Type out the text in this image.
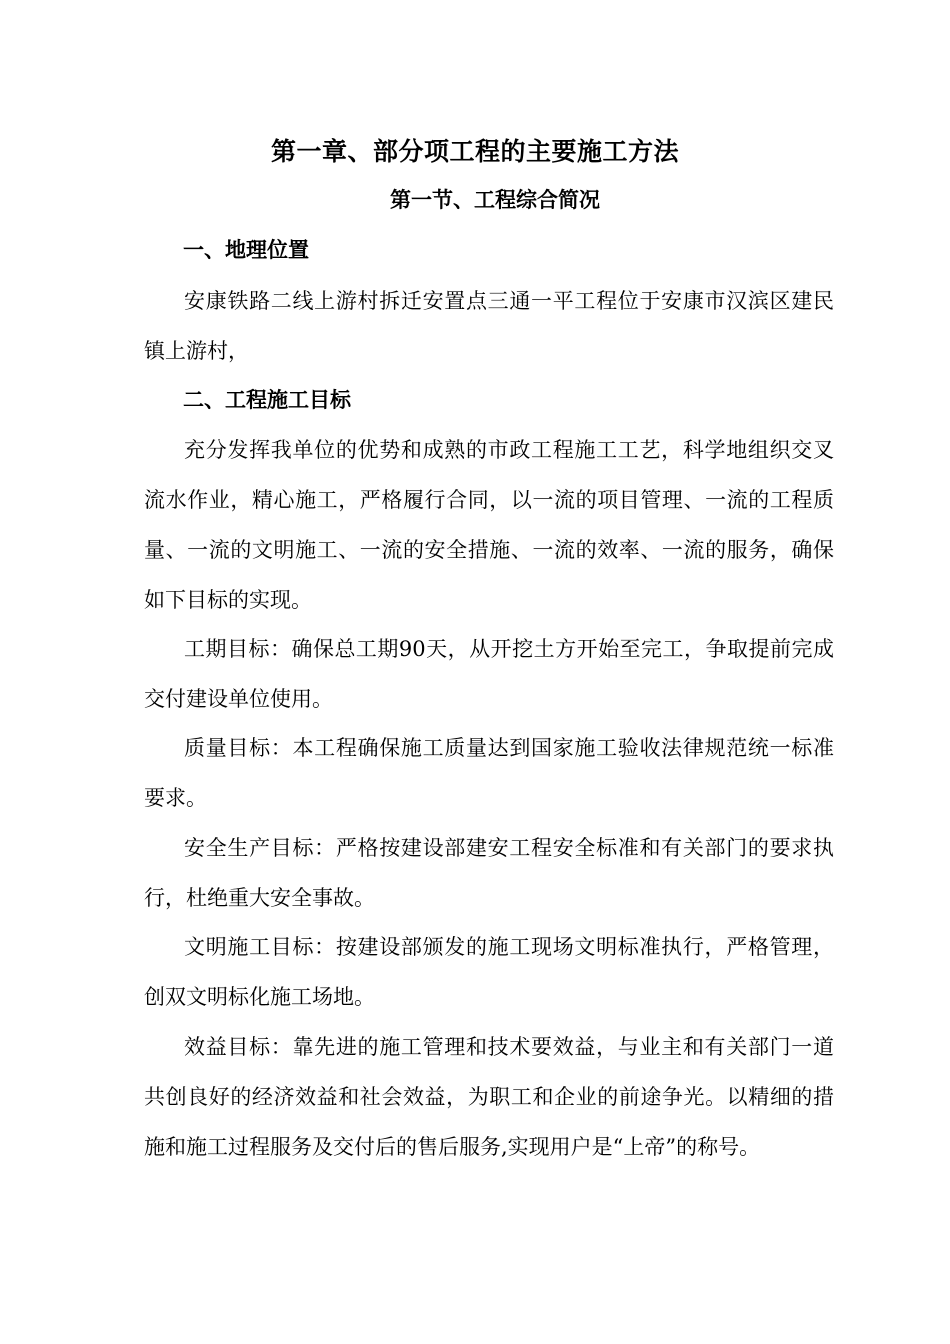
第一章、部分项工程的主要施工方法
第一节、工程综合简况
一、地理位置

安康铁路二线上游村拆迁安置点三通一平工程位于安康市汉滨区建民镇上游村，

二、工程施工目标

充分发挥我单位的优势和成熟的市政工程施工工艺，科学地组织交叉流水作业，精心施工，严格履行合同，以一流的项目管理、一流的工程质量、一流的文明施工、一流的安全措施、一流的效率、一流的服务，确保如下目标的实现。

工期目标：确保总工期90天，从开挖土方开始至完工，争取提前完成交付建设单位使用。

质量目标：本工程确保施工质量达到国家施工验收法律规范统一标准要求。

安全生产目标：严格按建设部建安工程安全标准和有关部门的要求执行，杜绝重大安全事故。

文明施工目标：按建设部颁发的施工现场文明标准执行，严格管理，创双文明标化施工场地。

效益目标：靠先进的施工管理和技术要效益，与业主和有关部门一道共创良好的经济效益和社会效益，为职工和企业的前途争光。以精细的措施和施工过程服务及交付后的售后服务,实现用户是“上帝”的称号。
